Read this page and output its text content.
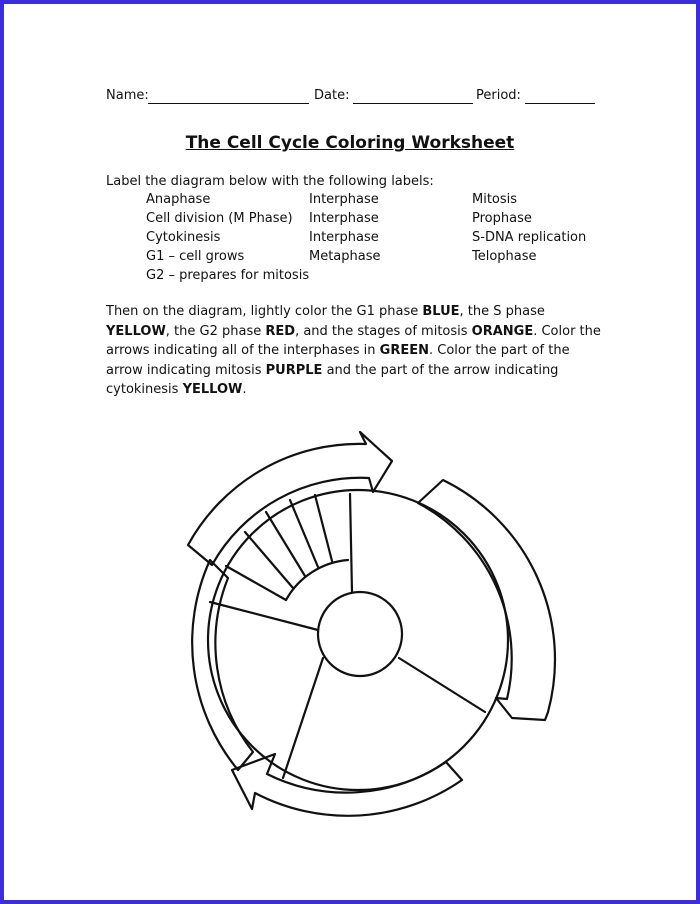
Name:	Date:	Period:
The Cell Cycle Coloring Worksheet
Label the diagram below with the following labels:
Anaphase
Cell division (M Phase)
Cytokinesis
G1 – cell grows
G2 – prepares for mitosis
Interphase
Interphase
Interphase
Metaphase
Mitosis
Prophase
S-DNA replication
Telophase
Then on the diagram, lightly color the G1 phase BLUE, the S phase YELLOW, the G2 phase RED, and the stages of mitosis ORANGE. Color the arrows indicating all of the interphases in GREEN. Color the part of the arrow indicating mitosis PURPLE and the part of the arrow indicating cytokinesis YELLOW.
